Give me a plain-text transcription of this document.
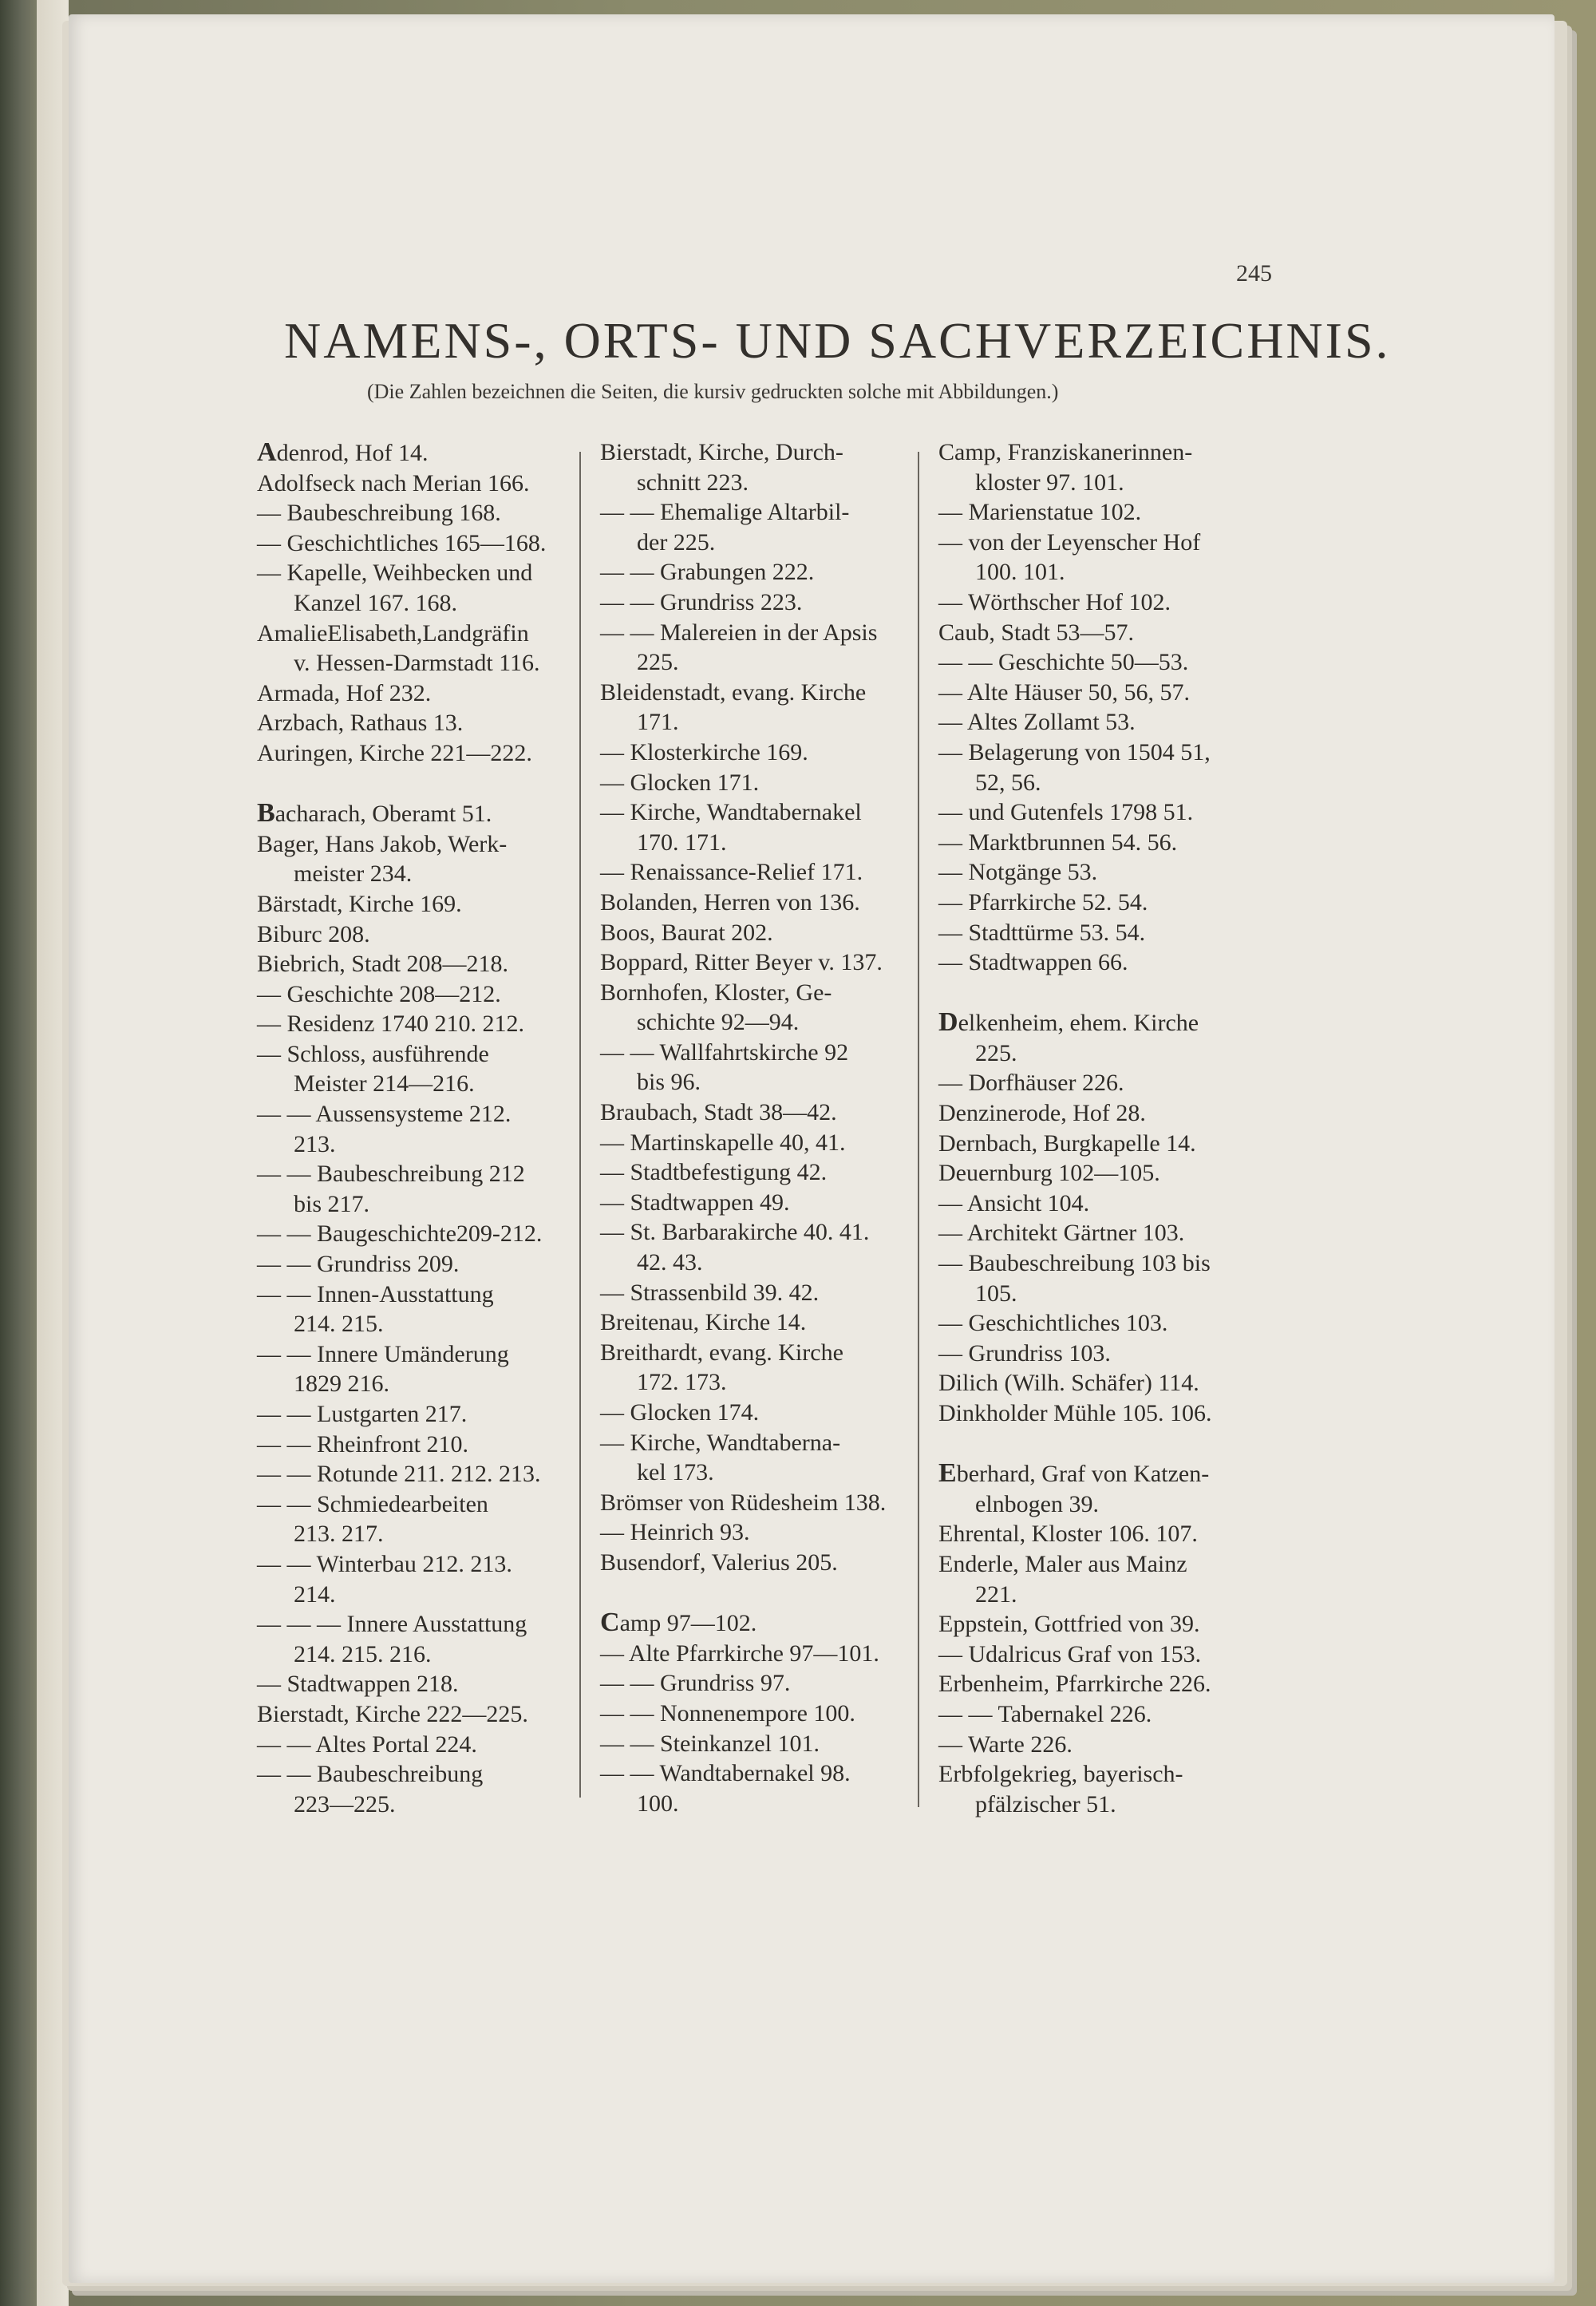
245
NAMENS-, ORTS- UND SACHVERZEICHNIS.
(Die Zahlen bezeichnen die Seiten, die kursiv gedruckten solche mit Abbildungen.)
Adenrod, Hof 14.
Adolfseck nach Merian 166.
— Baubeschreibung 168.
— Geschichtliches 165—168.
— Kapelle, Weihbecken und
Kanzel 167. 168.
AmalieElisabeth,Landgräfin
v. Hessen-Darmstadt 116.
Armada, Hof 232.
Arzbach, Rathaus 13.
Auringen, Kirche 221—222.
Bacharach, Oberamt 51.
Bager, Hans Jakob, Werk-
meister 234.
Bärstadt, Kirche 169.
Biburc 208.
Biebrich, Stadt 208—218.
— Geschichte 208—212.
— Residenz 1740 210. 212.
— Schloss, ausführende
Meister 214—216.
— — Aussensysteme 212.
213.
— — Baubeschreibung 212
bis 217.
— — Baugeschichte209-212.
— — Grundriss 209.
— — Innen-Ausstattung
214. 215.
— — Innere Umänderung
1829 216.
— — Lustgarten 217.
— — Rheinfront 210.
— — Rotunde 211. 212. 213.
— — Schmiedearbeiten
213. 217.
— — Winterbau 212. 213.
214.
— — — Innere Ausstattung
214. 215. 216.
— Stadtwappen 218.
Bierstadt, Kirche 222—225.
— — Altes Portal 224.
— — Baubeschreibung
223—225.
Bierstadt, Kirche, Durch-
schnitt 223.
— — Ehemalige Altarbil-
der 225.
— — Grabungen 222.
— — Grundriss 223.
— — Malereien in der Apsis
225.
Bleidenstadt, evang. Kirche
171.
— Klosterkirche 169.
— Glocken 171.
— Kirche, Wandtabernakel
170. 171.
— Renaissance-Relief 171.
Bolanden, Herren von 136.
Boos, Baurat 202.
Boppard, Ritter Beyer v. 137.
Bornhofen, Kloster, Ge-
schichte 92—94.
— — Wallfahrtskirche 92
bis 96.
Braubach, Stadt 38—42.
— Martinskapelle 40, 41.
— Stadtbefestigung 42.
— Stadtwappen 49.
— St. Barbarakirche 40. 41.
42. 43.
— Strassenbild 39. 42.
Breitenau, Kirche 14.
Breithardt, evang. Kirche
172. 173.
— Glocken 174.
— Kirche, Wandtaberna-
kel 173.
Brömser von Rüdesheim 138.
— Heinrich 93.
Busendorf, Valerius 205.
Camp 97—102.
— Alte Pfarrkirche 97—101.
— — Grundriss 97.
— — Nonnenempore 100.
— — Steinkanzel 101.
— — Wandtabernakel 98.
100.
Camp, Franziskanerinnen-
kloster 97. 101.
— Marienstatue 102.
— von der Leyenscher Hof
100. 101.
— Wörthscher Hof 102.
Caub, Stadt 53—57.
— — Geschichte 50—53.
— Alte Häuser 50, 56, 57.
— Altes Zollamt 53.
— Belagerung von 1504 51,
52, 56.
— und Gutenfels 1798 51.
— Marktbrunnen 54. 56.
— Notgänge 53.
— Pfarrkirche 52. 54.
— Stadttürme 53. 54.
— Stadtwappen 66.
Delkenheim, ehem. Kirche
225.
— Dorfhäuser 226.
Denzinerode, Hof 28.
Dernbach, Burgkapelle 14.
Deuernburg 102—105.
— Ansicht 104.
— Architekt Gärtner 103.
— Baubeschreibung 103 bis
105.
— Geschichtliches 103.
— Grundriss 103.
Dilich (Wilh. Schäfer) 114.
Dinkholder Mühle 105. 106.
Eberhard, Graf von Katzen-
elnbogen 39.
Ehrental, Kloster 106. 107.
Enderle, Maler aus Mainz
221.
Eppstein, Gottfried von 39.
— Udalricus Graf von 153.
Erbenheim, Pfarrkirche 226.
— — Tabernakel 226.
— Warte 226.
Erbfolgekrieg, bayerisch-
pfälzischer 51.
